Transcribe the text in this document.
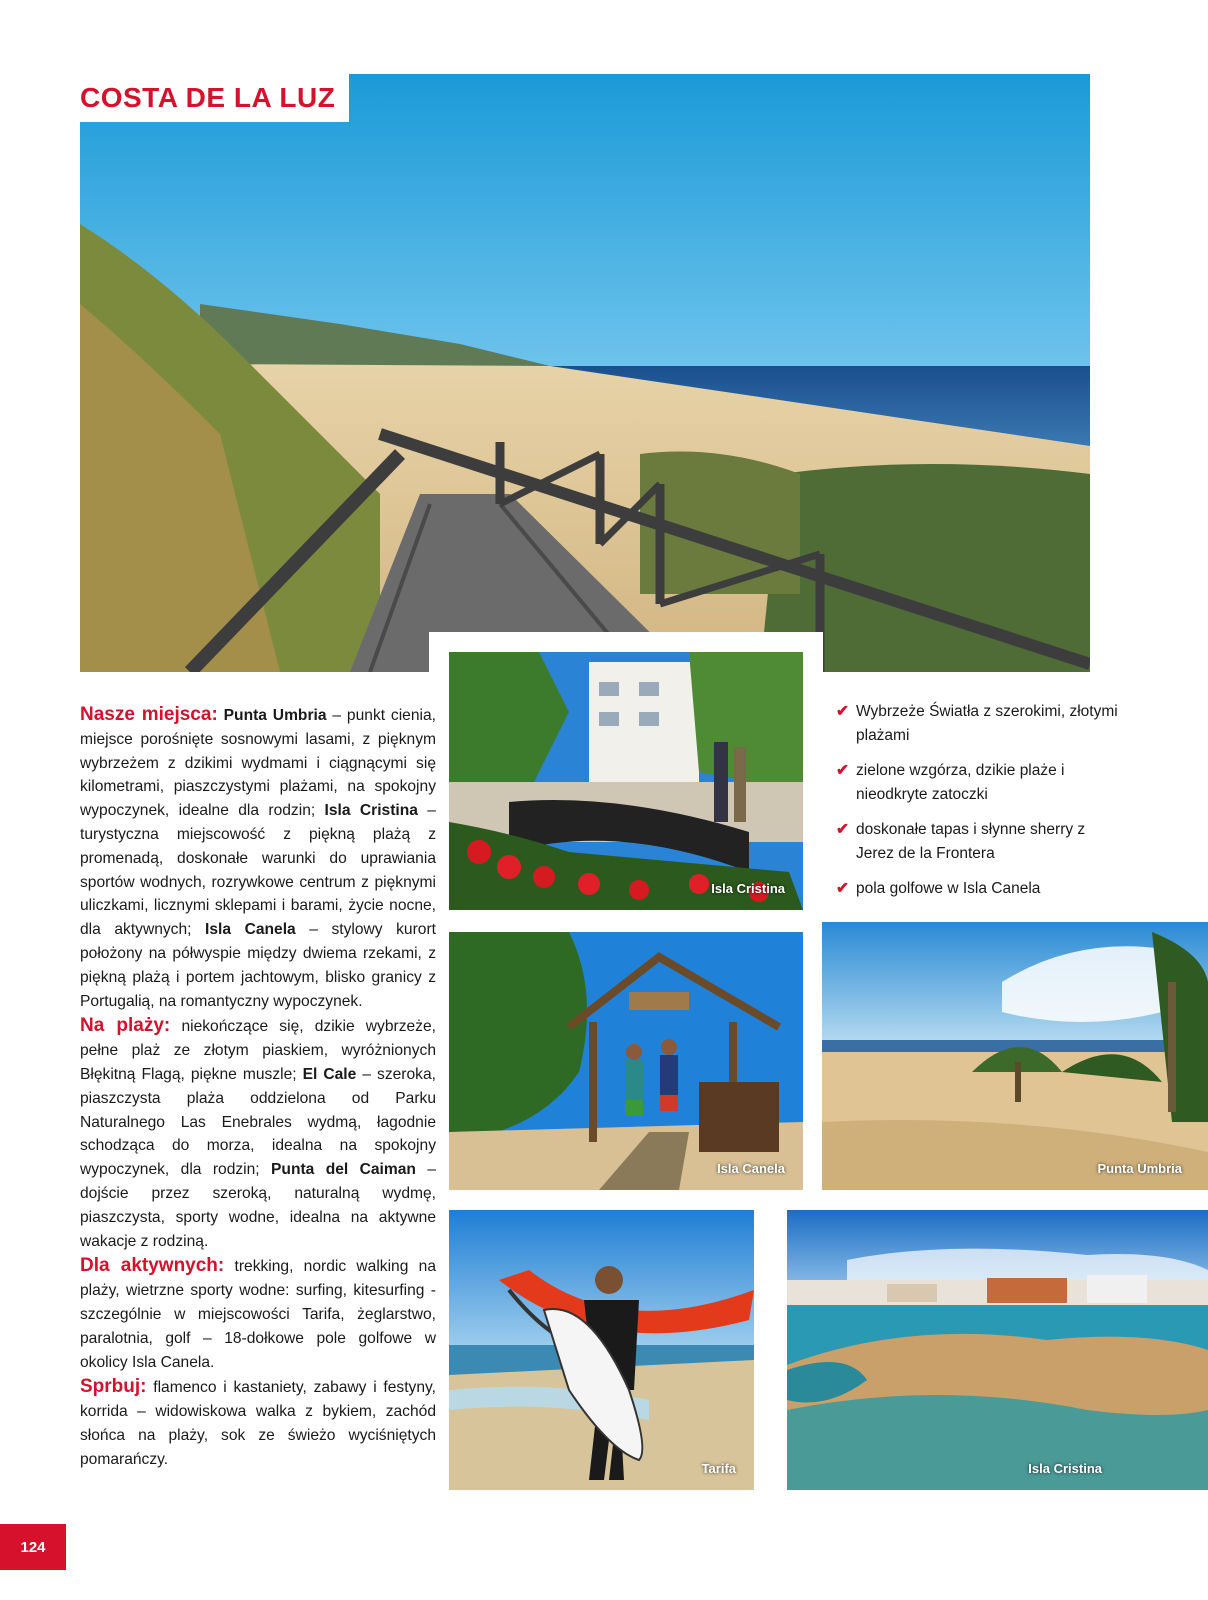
COSTA DE LA LUZ
Isla Cristina
✔ Wybrzeże Światła z szerokimi, złotymi plażami
✔ zielone wzgórza, dzikie plaże i nieodkryte zatoczki
✔ doskonałe tapas i słynne sherry z Jerez de la Frontera
✔ pola golfowe w Isla Canela
Isla Canela	Punta Umbria
Tarifa	Isla Cristina

Nasze miejsca: Punta Umbria – punkt cienia, miejsce porośnięte sosnowymi lasami, z pięknym wybrzeżem z dzikimi wydmami i ciągnącymi się kilometrami, piaszczystymi plażami, na spokojny wypoczynek, idealne dla rodzin; Isla Cristina – turystyczna miejscowość z piękną plażą z promenadą, doskonałe warunki do uprawiania sportów wodnych, rozrywkowe centrum z pięknymi uliczkami, licznymi sklepami i barami, życie nocne, dla aktywnych; Isla Canela – stylowy kurort położony na półwyspie między dwiema rzekami, z piękną plażą i portem jachtowym, blisko granicy z Portugalią, na romantyczny wypoczynek.

Na plaży: niekończące się, dzikie wybrzeże, pełne plaż ze złotym piaskiem, wyróżnionych Błękitną Flagą, piękne muszle; El Cale – szeroka, piaszczysta plaża oddzielona od Parku Naturalnego Las Enebrales wydmą, łagodnie schodząca do morza, idealna na spokojny wypoczynek, dla rodzin; Punta del Caiman – dojście przez szeroką, naturalną wydmę, piaszczysta, sporty wodne, idealna na aktywne wakacje z rodziną.

Dla aktywnych: trekking, nordic walking na plaży, wietrzne sporty wodne: surfing, kitesurfing - szczególnie w miejscowości Tarifa, żeglarstwo, paralotnia, golf – 18-dołkowe pole golfowe w okolicy Isla Canela.

Sprbuj: flamenco i kastaniety, zabawy i festyny, korrida – widowiskowa walka z bykiem, zachód słońca na plaży, sok ze świeżo wyciśniętych pomarańczy.

124
